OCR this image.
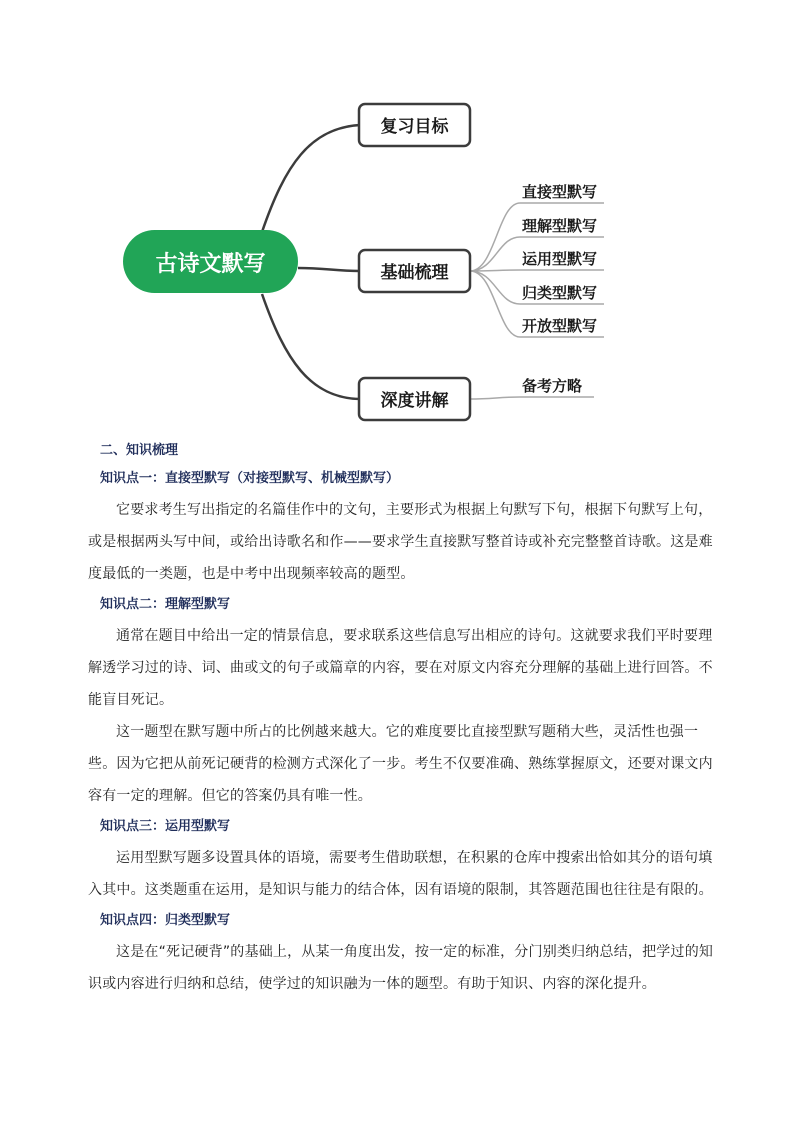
古诗文默写
复习目标
基础梳理
深度讲解
直接型默写
理解型默写
运用型默写
归类型默写
开放型默写
备考方略

二、知识梳理

知识点一：直接型默写（对接型默写、机械型默写）

它要求考生写出指定的名篇佳作中的文句，主要形式为根据上句默写下句，根据下句默写上句，或是根据两头写中间，或给出诗歌名和作——要求学生直接默写整首诗或补充完整整首诗歌。这是难度最低的一类题，也是中考中出现频率较高的题型。

知识点二：理解型默写

通常在题目中给出一定的情景信息，要求联系这些信息写出相应的诗句。这就要求我们平时要理解透学习过的诗、词、曲或文的句子或篇章的内容，要在对原文内容充分理解的基础上进行回答。不能盲目死记。

这一题型在默写题中所占的比例越来越大。它的难度要比直接型默写题稍大些，灵活性也强一些。因为它把从前死记硬背的检测方式深化了一步。考生不仅要准确、熟练掌握原文，还要对课文内容有一定的理解。但它的答案仍具有唯一性。

知识点三：运用型默写

运用型默写题多设置具体的语境，需要考生借助联想，在积累的仓库中搜索出恰如其分的语句填入其中。这类题重在运用，是知识与能力的结合体，因有语境的限制，其答题范围也往往是有限的。

知识点四：归类型默写

这是在“死记硬背”的基础上，从某一角度出发，按一定的标准，分门别类归纳总结，把学过的知识或内容进行归纳和总结，使学过的知识融为一体的题型。有助于知识、内容的深化提升。
